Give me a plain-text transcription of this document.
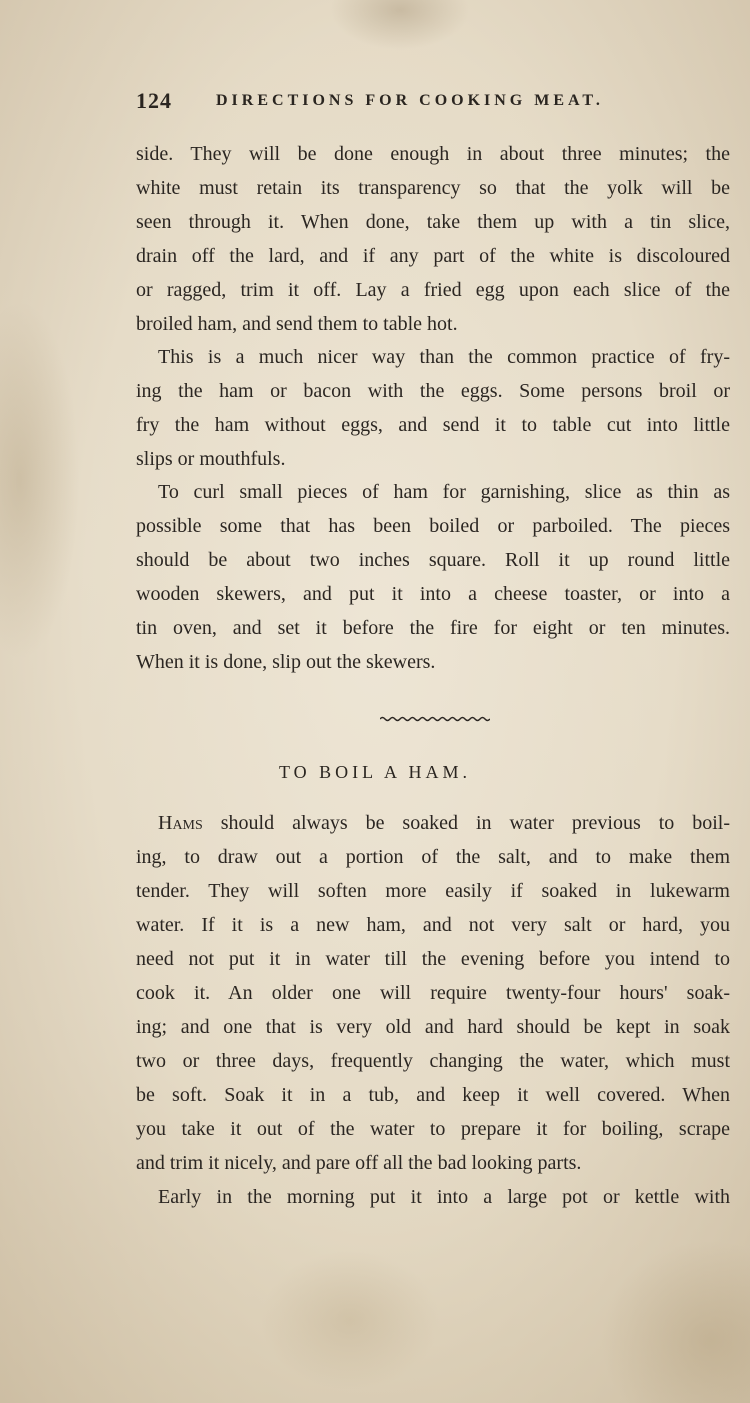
124	DIRECTIONS FOR COOKING MEAT.
side. They will be done enough in about three minutes; the
white must retain its transparency so that the yolk will be
seen through it. When done, take them up with a tin slice,
drain off the lard, and if any part of the white is discoloured
or ragged, trim it off. Lay a fried egg upon each slice of the
broiled ham, and send them to table hot.
This is a much nicer way than the common practice of fry-
ing the ham or bacon with the eggs. Some persons broil or
fry the ham without eggs, and send it to table cut into little
slips or mouthfuls.
To curl small pieces of ham for garnishing, slice as thin as
possible some that has been boiled or parboiled. The pieces
should be about two inches square. Roll it up round little
wooden skewers, and put it into a cheese toaster, or into a
tin oven, and set it before the fire for eight or ten minutes.
When it is done, slip out the skewers.
TO BOIL A HAM.
Hams should always be soaked in water previous to boil-
ing, to draw out a portion of the salt, and to make them
tender. They will soften more easily if soaked in lukewarm
water. If it is a new ham, and not very salt or hard, you
need not put it in water till the evening before you intend to
cook it. An older one will require twenty-four hours' soak-
ing; and one that is very old and hard should be kept in soak
two or three days, frequently changing the water, which must
be soft. Soak it in a tub, and keep it well covered. When
you take it out of the water to prepare it for boiling, scrape
and trim it nicely, and pare off all the bad looking parts.
Early in the morning put it into a large pot or kettle with
